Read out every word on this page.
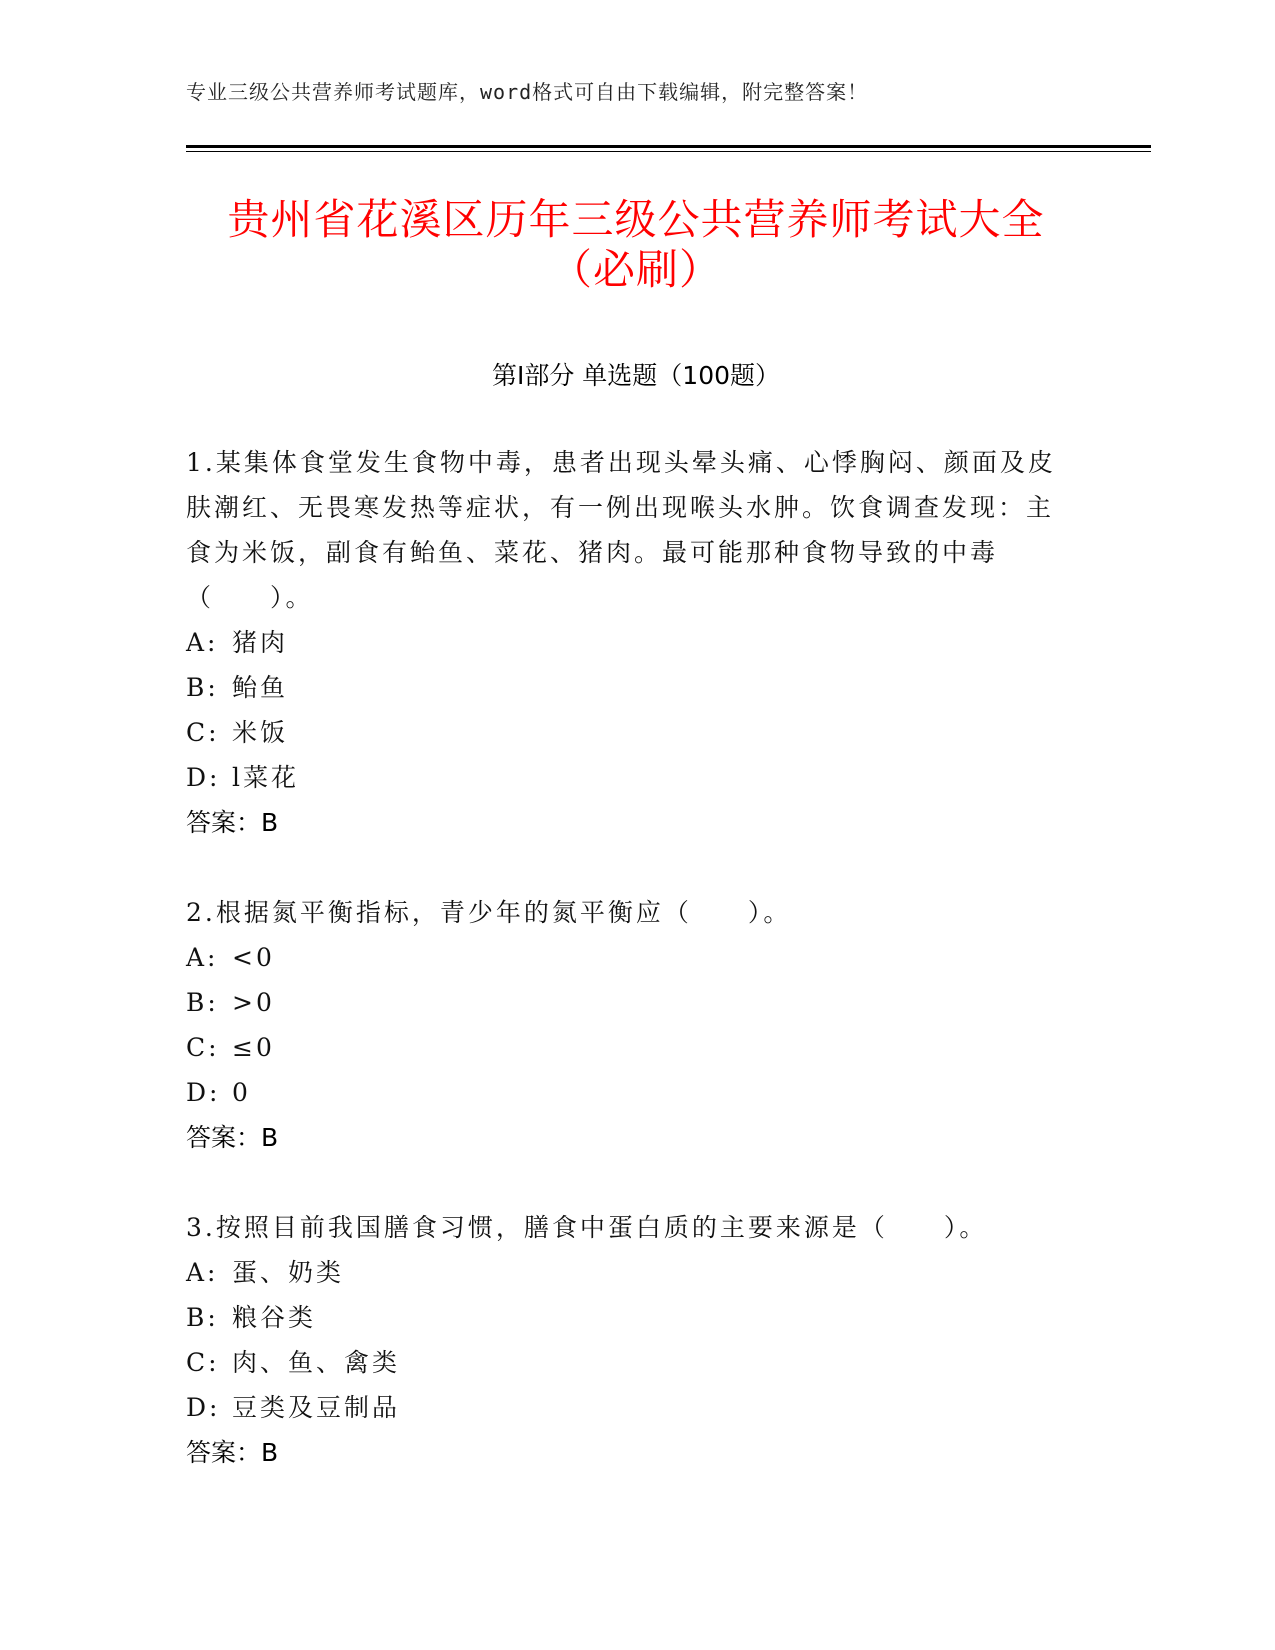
专业三级公共营养师考试题库，word格式可自由下载编辑，附完整答案！
贵州省花溪区历年三级公共营养师考试大全
（必刷）
第I部分 单选题（100题）
1.某集体食堂发生食物中毒，患者出现头晕头痛、心悸胸闷、颜面及皮肤潮红、无畏寒发热等症状，有一例出现喉头水肿。饮食调查发现：主食为米饭，副食有鲐鱼、菜花、猪肉。最可能那种食物导致的中毒（　　）。
A: 猪肉
B: 鲐鱼
C: 米饭
D: l菜花
答案：B
2.根据氮平衡指标，青少年的氮平衡应（　　）。
A: <0
B: >0
C: ≤0
D: 0
答案：B
3.按照目前我国膳食习惯，膳食中蛋白质的主要来源是（　　）。
A: 蛋、奶类
B: 粮谷类
C: 肉、鱼、禽类
D: 豆类及豆制品
答案：B
